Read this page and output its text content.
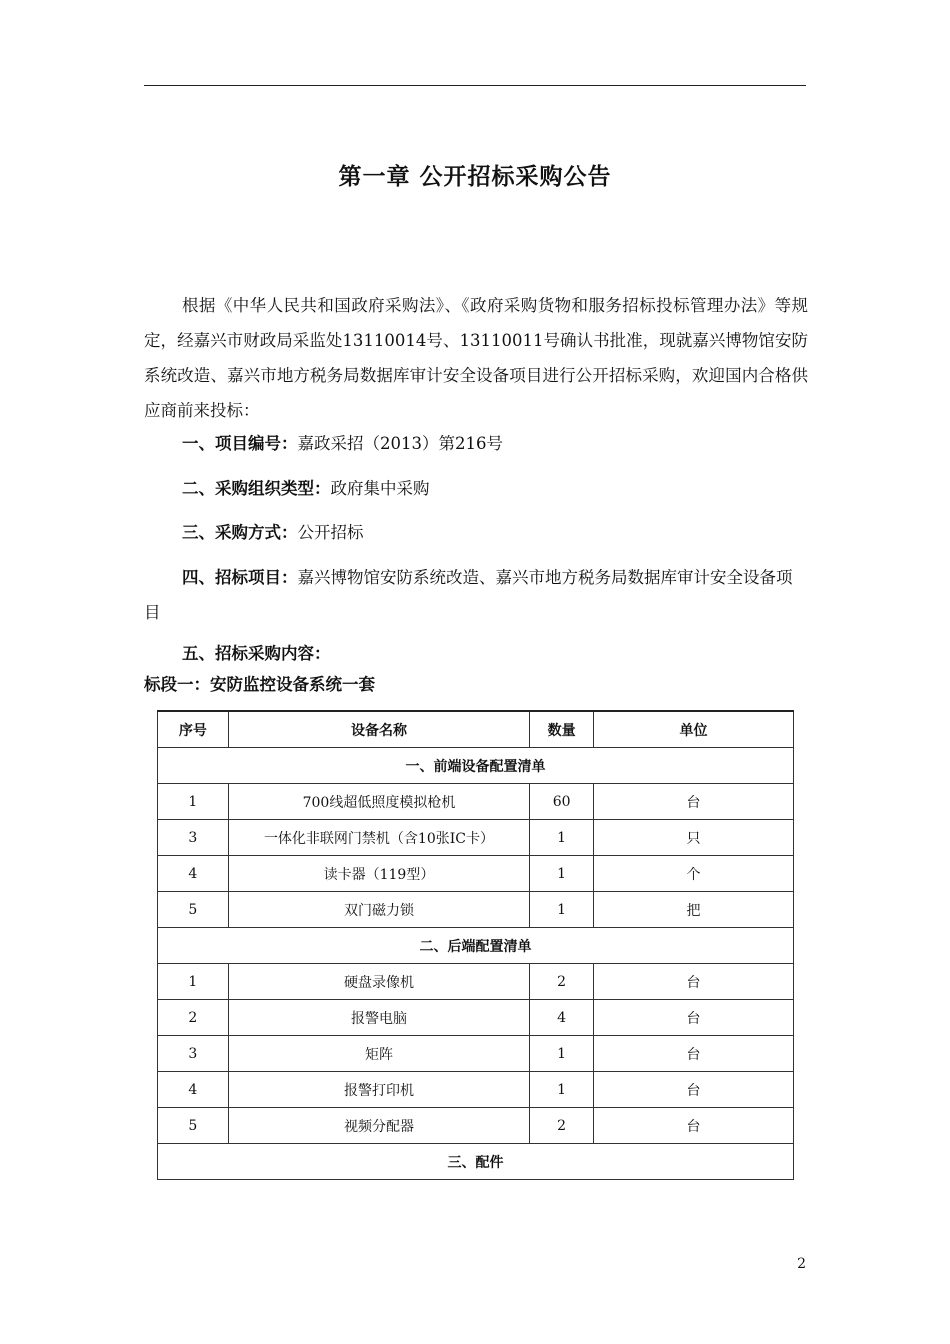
第一章 公开招标采购公告
根据《中华人民共和国政府采购法》、《政府采购货物和服务招标投标管理办法》等规定，经嘉兴市财政局采监处13110014号、13110011号确认书批准，现就嘉兴博物馆安防系统改造、嘉兴市地方税务局数据库审计安全设备项目进行公开招标采购，欢迎国内合格供应商前来投标：
一、项目编号：嘉政采招（2013）第216号
二、采购组织类型：政府集中采购
三、采购方式：公开招标
四、招标项目：嘉兴博物馆安防系统改造、嘉兴市地方税务局数据库审计安全设备项目
五、招标采购内容：
标段一：安防监控设备系统一套
序号	设备名称	数量	单位
一、前端设备配置清单			
1	700线超低照度模拟枪机	60	台
3	一体化非联网门禁机（含10张IC卡）	1	只
4	读卡器（119型）	1	个
5	双门磁力锁	1	把
二、后端配置清单			
1	硬盘录像机	2	台
2	报警电脑	4	台
3	矩阵	1	台
4	报警打印机	1	台
5	视频分配器	2	台
三、配件			
2
